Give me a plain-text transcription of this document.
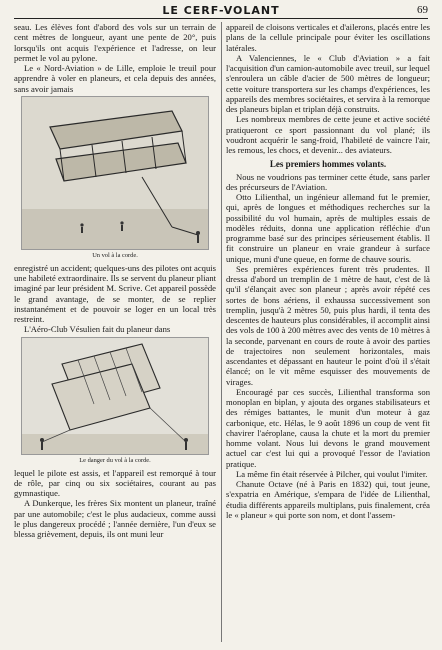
LE CERF-VOLANT	69

seau. Les élèves font d'abord des vols sur un terrain de cent mètres de longueur, ayant une pente de 20°, puis lorsqu'ils ont acquis l'expérience et l'adresse, on leur permet le vol au pylone.

Le « Nord-Aviation » de Lille, emploie le treuil pour apprendre à voler en planeurs, et cela depuis des années, sans avoir jamais

Un vol à la corde.

enregistré un accident; quelques-uns des pilotes ont acquis une habileté extraordinaire. Ils se servent du planeur pliant imaginé par leur président M. Scrive. Cet appareil possède le grand avantage, de se monter, de se replier instantanément et de pouvoir se loger en un local très restreint.

L'Aéro-Club Vésulien fait du planeur dans

Le danger du vol à la corde.

lequel le pilote est assis, et l'appareil est remorqué à tour de rôle, par cinq ou six sociétaires, courant au pas gymnastique.

A Dunkerque, les frères Six montent un planeur, traîné par une automobile; c'est le plus audacieux, comme aussi le plus dangereux procédé ; l'année dernière, l'un d'eux se blessa grièvement, depuis, ils ont muni leur

appareil de cloisons verticales et d'ailerons, placés entre les plans de la cellule principale pour éviter les oscillations latérales.

A Valenciennes, le « Club d'Aviation » a fait l'acquisition d'un camion-automobile avec treuil, sur lequel s'enroulera un câble d'acier de 500 mètres de longueur; cette voiture transportera sur les champs d'expériences, les appareils des membres sociétaires, et servira à la remorque des planeurs biplan et triplan déjà construits.

Les nombreux membres de cette jeune et active société pratiqueront ce sport passionnant du vol plané; ils voudront acquérir le sang-froid, l'habileté de vaincre l'air, les remous, les chocs, et devenir... des aviateurs.

Les premiers hommes volants.

Nous ne voudrions pas terminer cette étude, sans parler des précurseurs de l'Aviation.

Otto Lilienthal, un ingénieur allemand fut le premier, qui, après de longues et méthodiques recherches sur la possibilité du vol humain, après de multiples essais de modèles réduits, donna une application réfléchie d'un programme basé sur des principes sérieusement établis. Il fit construire un planeur en vraie grandeur à surface unique, muni d'une queue, en forme de chauve souris.

Ses premières expériences furent très prudentes. Il dressa d'abord un tremplin de 1 mètre de haut, c'est de là qu'il s'élançait avec son planeur ; après avoir répété ces sortes de bons aériens, il exhaussa successivement son tremplin, jusqu'à 2 mètres 50, puis plus hardi, il tenta des descentes de hauteurs plus considérables, il accomplit ainsi des vols de 100 à 200 mètres avec des vents de 10 mètres à la seconde, parvenant en cours de route à avoir des parties de trajectoires non seulement horizontales, mais ascendantes et dépassant en hauteur le point d'où il s'était élancé; on le vit même esquisser des mouvements de virages.

Encouragé par ces succès, Lilienthal transforma son monoplan en biplan, y ajouta des organes stabilisateurs et des rémiges battantes, le munit d'un moteur à gaz carbonique, etc. Hélas, le 9 août 1896 un coup de vent fit chavirer l'aéroplane, causa la chute et la mort du premier homme volant. Nous lui devons le grand mouvement actuel car c'est lui qui a provoqué l'essor de l'aviation pratique.

La même fin était réservée à Pilcher, qui voulut l'imiter.

Chanute Octave (né à Paris en 1832) qui, tout jeune, s'expatria en Amérique, s'empara de l'idée de Lilienthal, étudia différents appareils multiplans, puis finalement, créa le « planeur » qui porte son nom, et dont l'assem-
